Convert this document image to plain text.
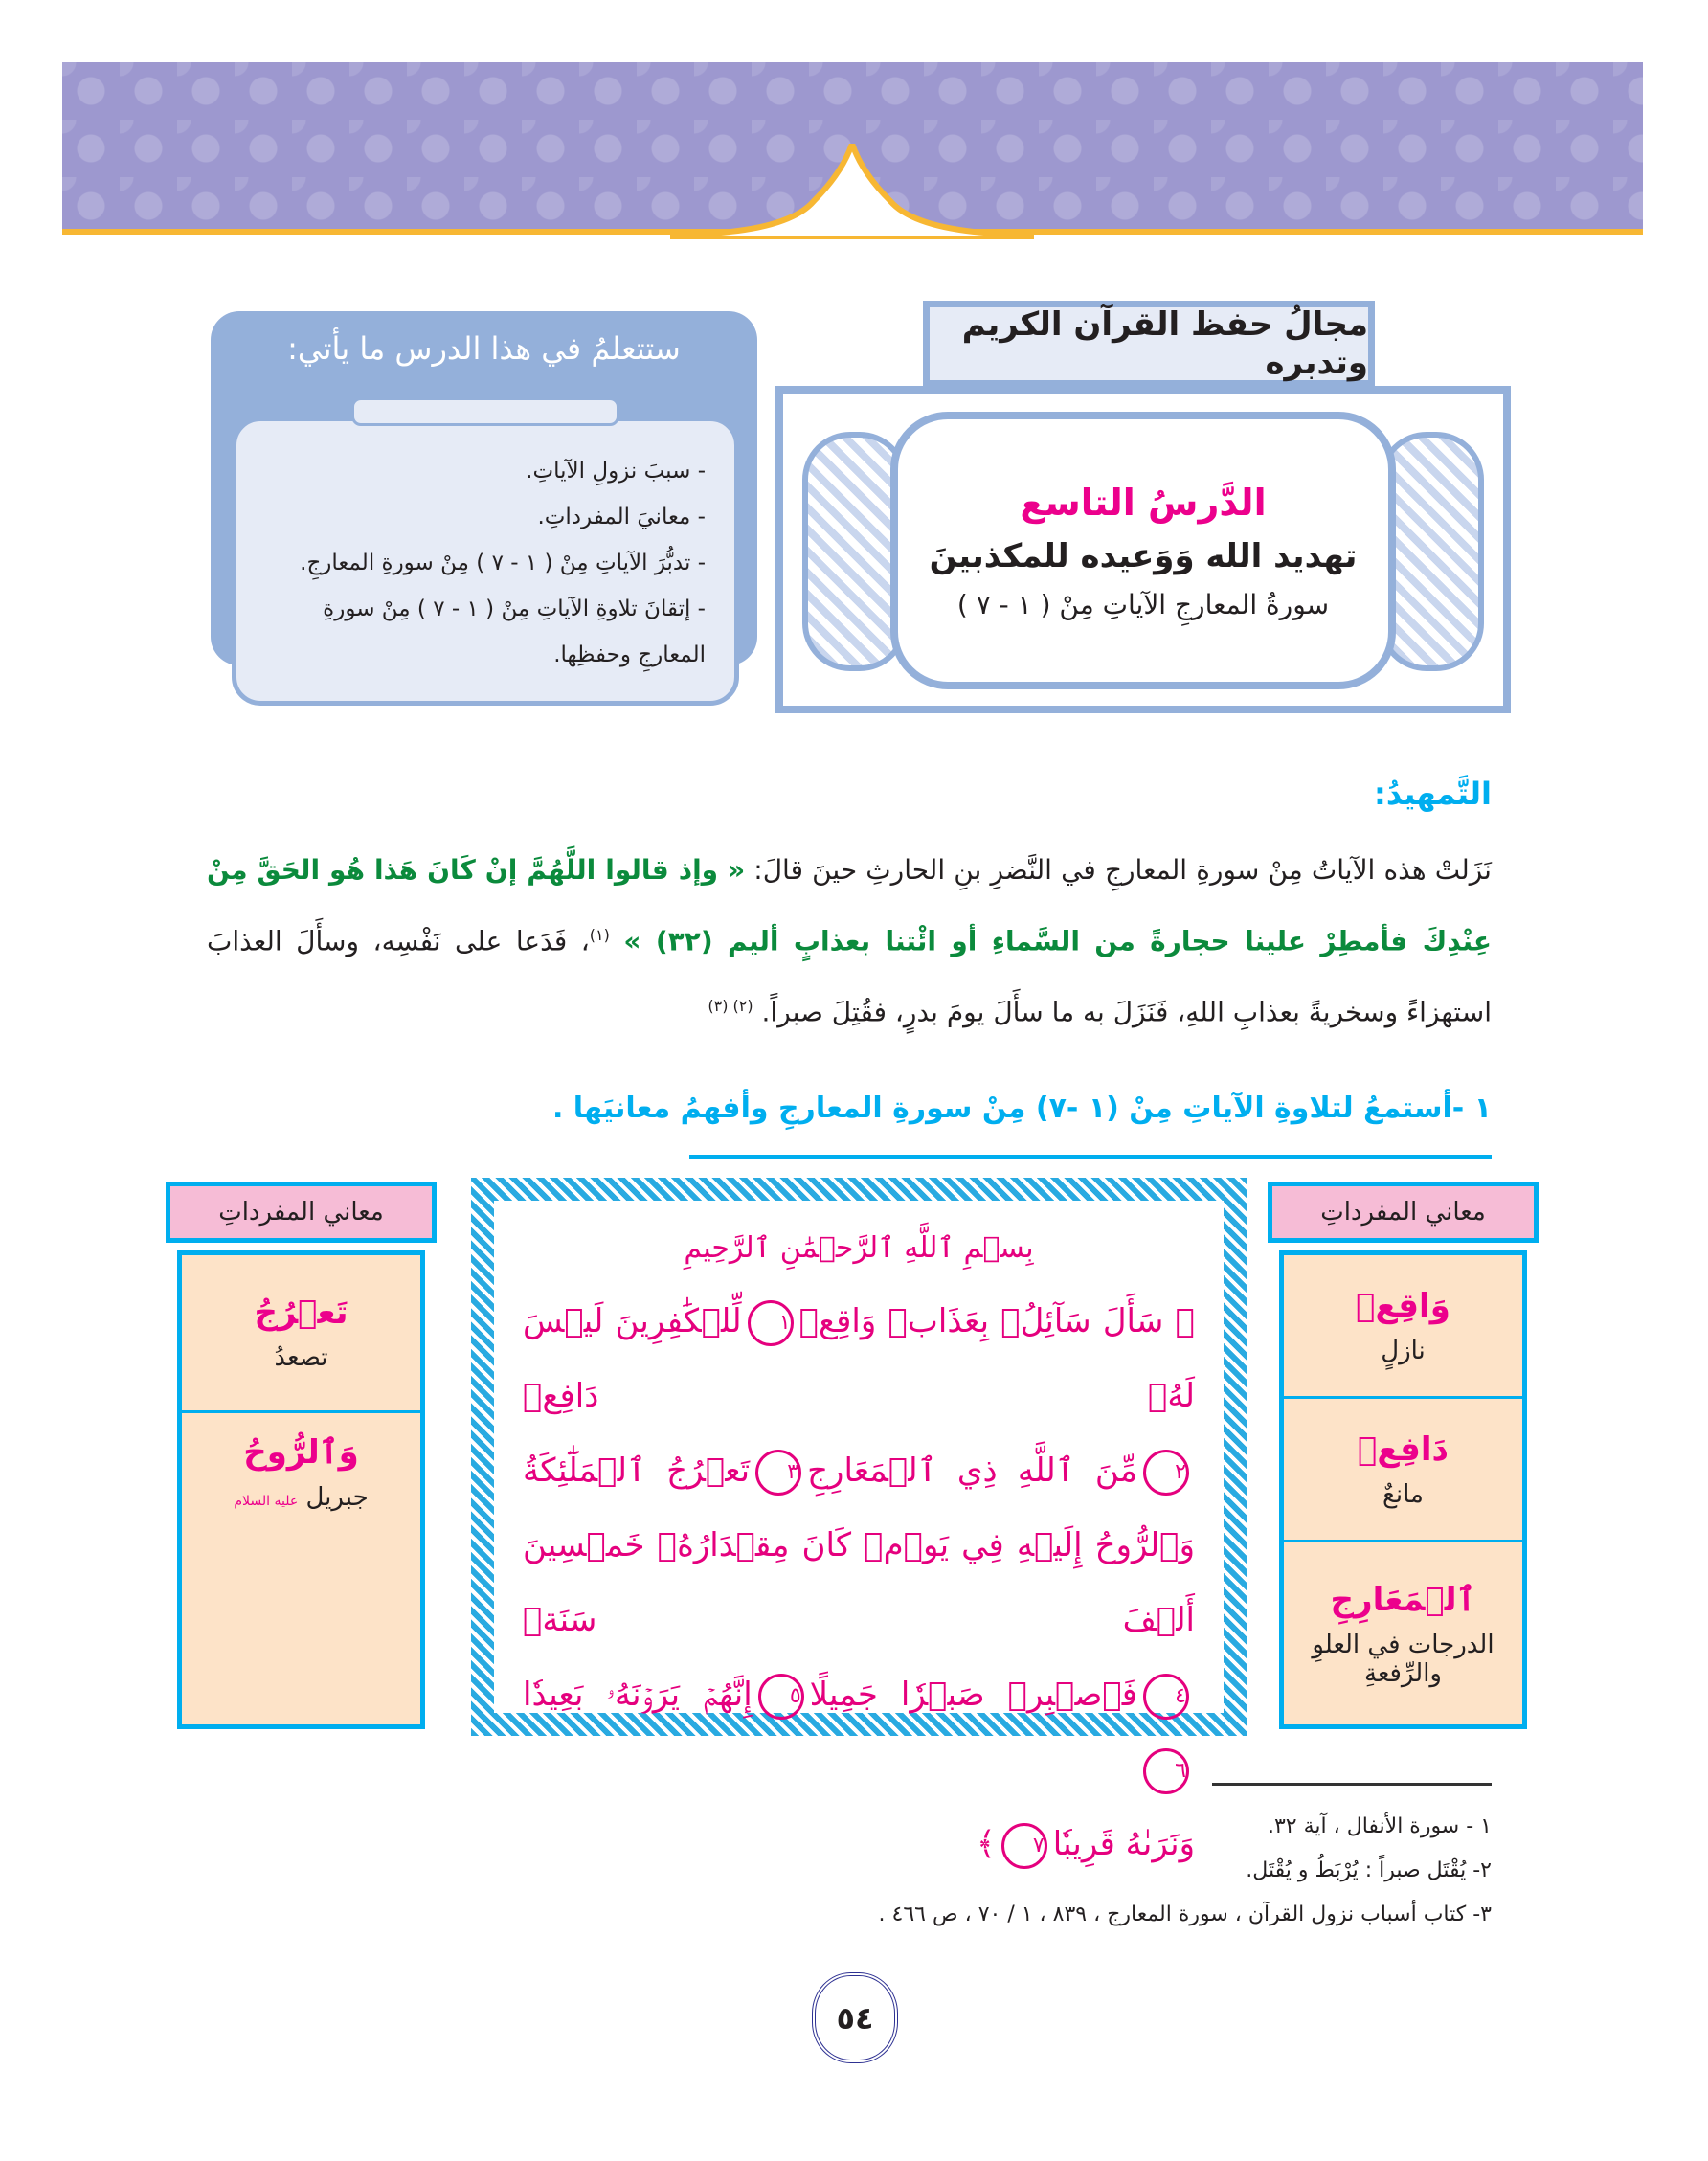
مجالُ حفظ القرآن الكريم وتدبره
الدَّرسُ التاسع
تهديد الله وَوَعيده للمكذبينَ
سورةُ المعارجِ الآياتِ مِنْ ( ١ - ٧ )
ستتعلمُ في هذا الدرس ما يأتي:
- سببَ نزولِ الآياتِ.
- معانيَ المفرداتِ.
- تدبُّرَ الآياتِ مِنْ ( ١ - ٧ ) مِنْ سورةِ المعارجِ.
- إتقانَ تلاوةِ الآياتِ مِنْ ( ١ - ٧ ) مِنْ سورةِ المعارجِ وحفظِها.
التَّمهيدُ:

نَزَلتْ هذه الآياتُ مِنْ سورةِ المعارجِ في النَّضرِ بنِ الحارثِ حينَ قالَ: « وإذ قالوا اللَّهُمَّ إنْ كَانَ هَذا هُو الحَقَّ مِنْ عِنْدِكَ فأمطِرْ علينا حجارةً من السَّماءِ أو ائْتنا بعذابٍ أليم (٣٢) » $^{(١)}$، فَدَعا على نَفْسِه، وسأَلَ العذابَ استهزاءً وسخريةً بعذابِ اللهِ، فَنَزَلَ به ما سأَلَ يومَ بدرٍ، فقُتِلَ صبراً. $^{(٢) (٣)}$

١ -أستمعُ لتلاوةِ الآياتِ مِنْ (١ -٧) مِنْ سورةِ المعارجِ وأفهمُ معانيَها .
معاني المفرداتِ
وَاقِعٖ
نازلٍ
دَافِعٞ
مانعٌ
ٱلۡمَعَارِجِ
الدرجات في العلوِ والرِّفعةِ
بِسۡمِ ٱللَّهِ ٱلرَّحۡمَٰنِ ٱلرَّحِيمِ
﴿ سَأَلَ سَآئِلُۢ بِعَذَابٖ وَاقِعٖ١لِّلۡكَٰفِرِينَ لَيۡسَ لَهُۥ دَافِعٞ
٢مِّنَ ٱللَّهِ ذِي ٱلۡمَعَارِجِ٣تَعۡرُجُ ٱلۡمَلَٰٓئِكَةُ
وَٱلرُّوحُ إِلَيۡهِ فِي يَوۡمٖ كَانَ مِقۡدَارُهُۥ خَمۡسِينَ أَلۡفَ سَنَةٖ
٤فَٱصۡبِرۡ صَبۡرٗا جَمِيلًا٥إِنَّهُمۡ يَرَوۡنَهُۥ بَعِيدٗا٦
وَنَرَىٰهُ قَرِيبٗا٧﴾
معاني المفرداتِ
تَعۡرُجُ
تصعدُ
وَٱلرُّوحُ
جبريل عليه السلام
١ - سورة الأنفال ، آية ٣٢.
٢- يُقْتَل صبراً : يُرْبَطُ و يُقْتَل.
٣- كتاب أسباب نزول القرآن ، سورة المعارج ، ٨٣٩ ، ١ / ٧٠ ، ص ٤٦٦ .
٥٤
